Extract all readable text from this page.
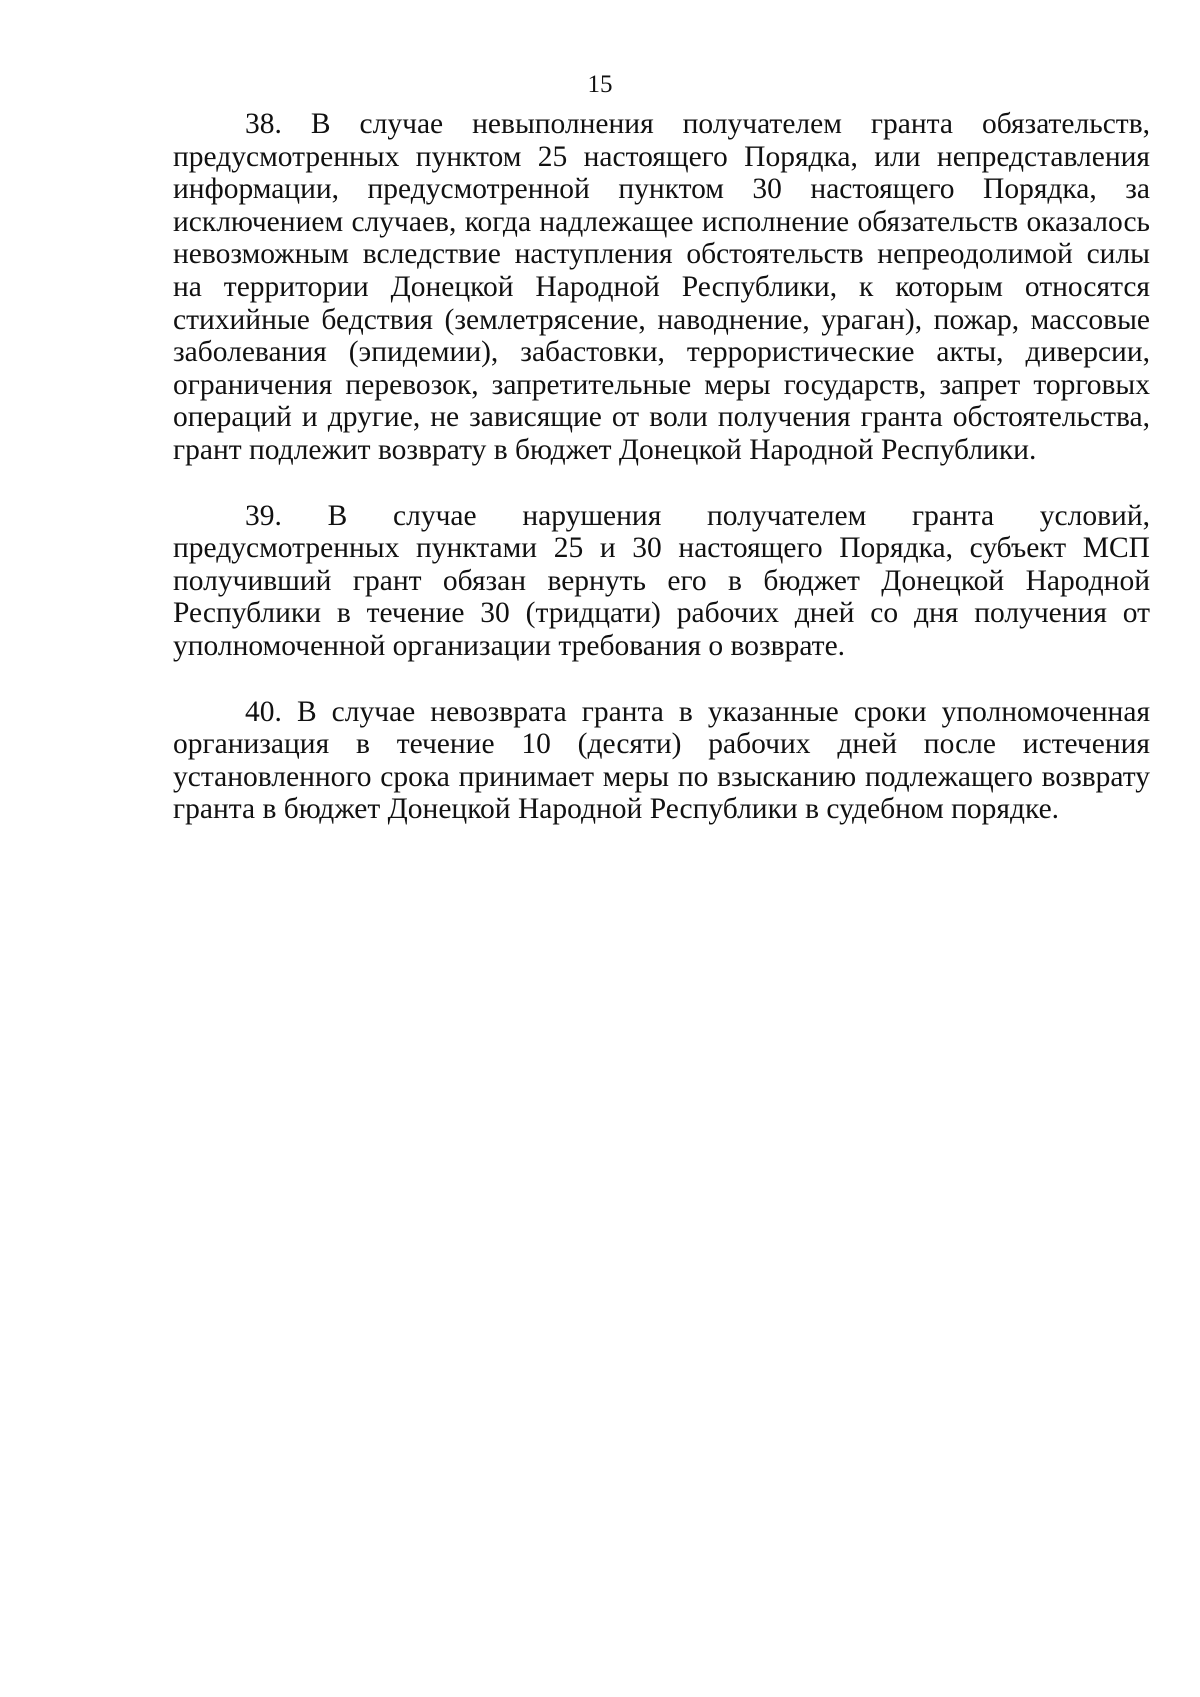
15

38. В случае невыполнения получателем гранта обязательств, предусмотренных пунктом 25 настоящего Порядка, или непредставления информации, предусмотренной пунктом 30 настоящего Порядка, за исключением случаев, когда надлежащее исполнение обязательств оказалось невозможным вследствие наступления обстоятельств непреодолимой силы на территории Донецкой Народной Республики, к которым относятся стихийные бедствия (землетрясение, наводнение, ураган), пожар, массовые заболевания (эпидемии), забастовки, террористические акты, диверсии, ограничения перевозок, запретительные меры государств, запрет торговых операций и другие, не зависящие от воли получения гранта обстоятельства, грант подлежит возврату в бюджет Донецкой Народной Республики.

39. В случае нарушения получателем гранта условий, предусмотренных пунктами 25 и 30 настоящего Порядка, субъект МСП получивший грант обязан вернуть его в бюджет Донецкой Народной Республики в течение 30 (тридцати) рабочих дней со дня получения от уполномоченной организации требования о возврате.

40. В случае невозврата гранта в указанные сроки уполномоченная организация в течение 10 (десяти) рабочих дней после истечения установленного срока принимает меры по взысканию подлежащего возврату гранта в бюджет Донецкой Народной Республики в судебном порядке.
